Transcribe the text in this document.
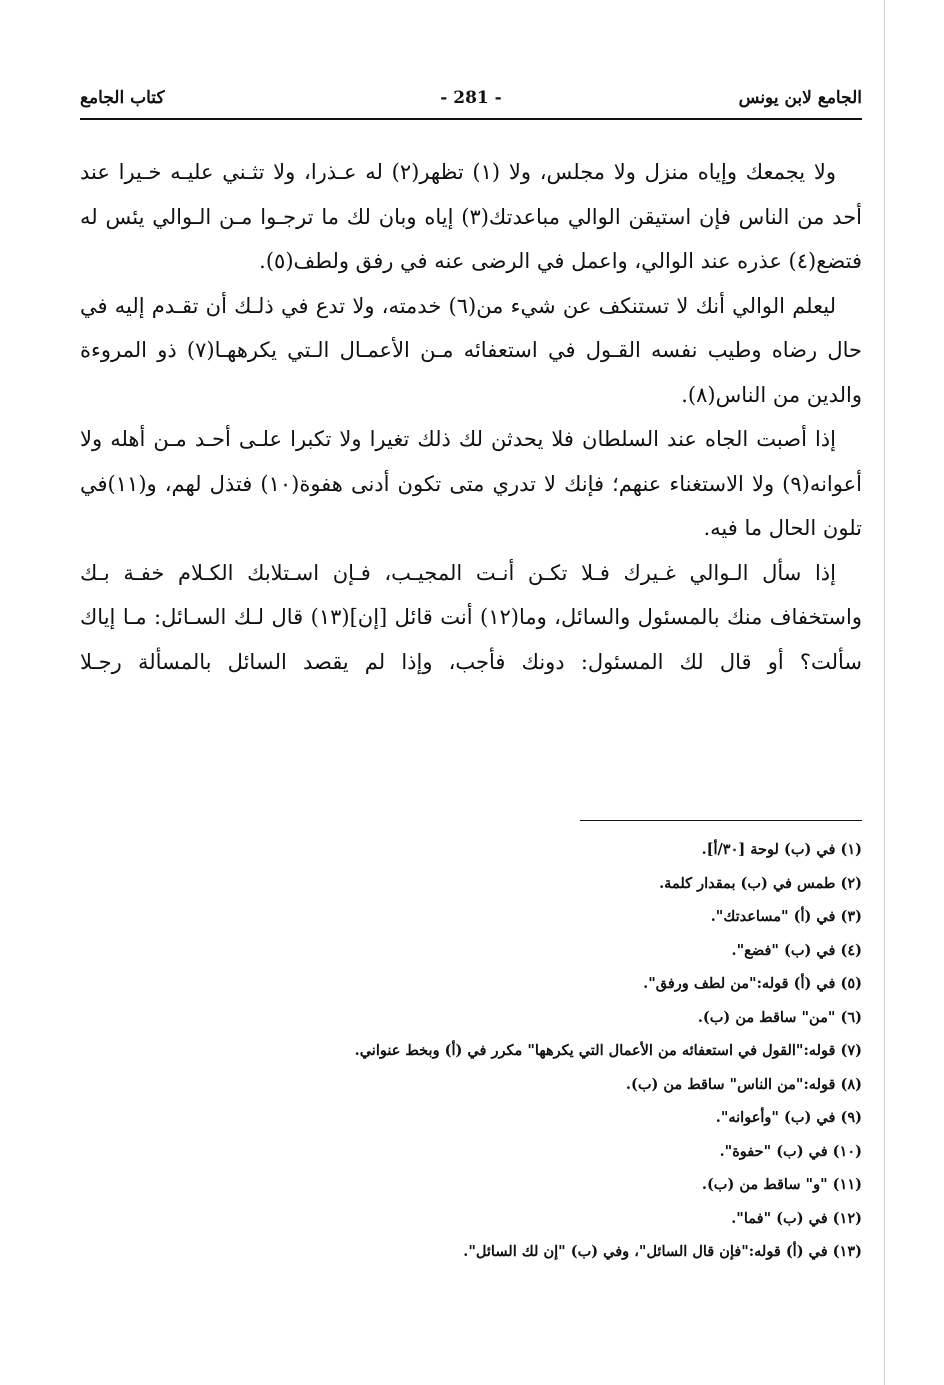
الجامع لابن يونس
- 281 -
كتاب الجامع

ولا يجمعك وإياه منزل ولا مجلس، ولا (١) تظهر(٢) له عـذرا، ولا تثـني عليـه خـيرا عند أحد من الناس فإن استيقن الوالي مباعدتك(٣) إياه وبان لك ما ترجـوا مـن الـوالي يئس له فتضع(٤) عذره عند الوالي، واعمل في الرضى عنه في رفق ولطف(٥).

ليعلم الوالي أنك لا تستنكف عن شيء من(٦) خدمته، ولا تدع في ذلـك أن تقـدم إليه في حال رضاه وطيب نفسه القـول في استعفائه مـن الأعمـال الـتي يكرههـا(٧) ذو المروءة والدين من الناس(٨).

إذا أصبت الجاه عند السلطان فلا يحدثن لك ذلك تغيرا ولا تكبرا علـى أحـد مـن أهله ولا أعوانه(٩) ولا الاستغناء عنهم؛ فإنك لا تدري متى تكون أدنى هفوة(١٠) فتذل لهم، و(١١)في تلون الحال ما فيه.

إذا سأل الـوالي غـيرك فـلا تكـن أنـت المجيـب، فـإن اسـتلابك الكـلام خفـة بـك واستخفاف منك بالمسئول والسائل، وما(١٢) أنت قائل [إن](١٣) قال لـك السـائل: مـا إياك سألت؟ أو قال لك المسئول: دونك فأجب، وإذا لم يقصد السائل بالمسألة رجـلا

(١) في (ب) لوحة [٣٠/أ].
(٢) طمس في (ب) بمقدار كلمة.
(٣) في (أ) "مساعدتك".
(٤) في (ب) "فضع".
(٥) في (أ) قوله:"من لطف ورفق".
(٦) "من" ساقط من (ب).
(٧) قوله:"القول في استعفائه من الأعمال التي يكرهها" مكرر في (أ) وبخط عنواني.
(٨) قوله:"من الناس" ساقط من (ب).
(٩) في (ب) "وأعوانه".
(١٠) في (ب) "حفوة".
(١١) "و" ساقط من (ب).
(١٢) في (ب) "فما".
(١٣) في (أ) قوله:"فإن قال السائل"، وفي (ب) "إن لك السائل".
